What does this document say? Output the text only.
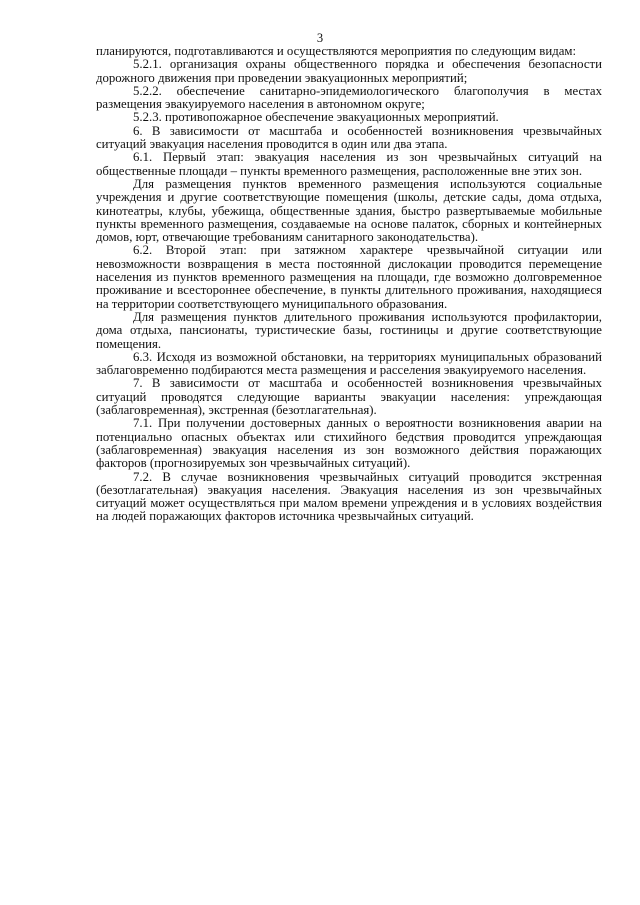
3

планируются, подготавливаются и осуществляются мероприятия по следующим видам:

5.2.1. организация охраны общественного порядка и обеспечения безопасности дорожного движения при проведении эвакуационных мероприятий;

5.2.2. обеспечение санитарно-эпидемиологического благополучия в местах размещения эвакуируемого населения в автономном округе;

5.2.3. противопожарное обеспечение эвакуационных мероприятий.

6. В зависимости от масштаба и особенностей возникновения чрезвычайных ситуаций эвакуация населения проводится в один или два этапа.

6.1. Первый этап: эвакуация населения из зон чрезвычайных ситуаций на общественные площади – пункты временного размещения, расположенные вне этих зон.

Для размещения пунктов временного размещения используются социальные учреждения и другие соответствующие помещения (школы, детские сады, дома отдыха, кинотеатры, клубы, убежища, общественные здания, быстро развертываемые мобильные пункты временного размещения, создаваемые на основе палаток, сборных и контейнерных домов, юрт, отвечающие требованиям санитарного законодательства).

6.2. Второй этап: при затяжном характере чрезвычайной ситуации или невозможности возвращения в места постоянной дислокации проводится перемещение населения из пунктов временного размещения на площади, где возможно долговременное проживание и всестороннее обеспечение, в пункты длительного проживания, находящиеся на территории соответствующего муниципального образования.

Для размещения пунктов длительного проживания используются профилактории, дома отдыха, пансионаты, туристические базы, гостиницы и другие соответствующие помещения.

6.3. Исходя из возможной обстановки, на территориях муниципальных образований заблаговременно подбираются места размещения и расселения эвакуируемого населения.

7. В зависимости от масштаба и особенностей возникновения чрезвычайных ситуаций проводятся следующие варианты эвакуации населения: упреждающая (заблаговременная), экстренная (безотлагательная).

7.1. При получении достоверных данных о вероятности возникновения аварии на потенциально опасных объектах или стихийного бедствия проводится упреждающая (заблаговременная) эвакуация населения из зон возможного действия поражающих факторов (прогнозируемых зон чрезвычайных ситуаций).

7.2. В случае возникновения чрезвычайных ситуаций проводится экстренная (безотлагательная) эвакуация населения. Эвакуация населения из зон чрезвычайных ситуаций может осуществляться при малом времени упреждения и в условиях воздействия на людей поражающих факторов источника чрезвычайных ситуаций.
